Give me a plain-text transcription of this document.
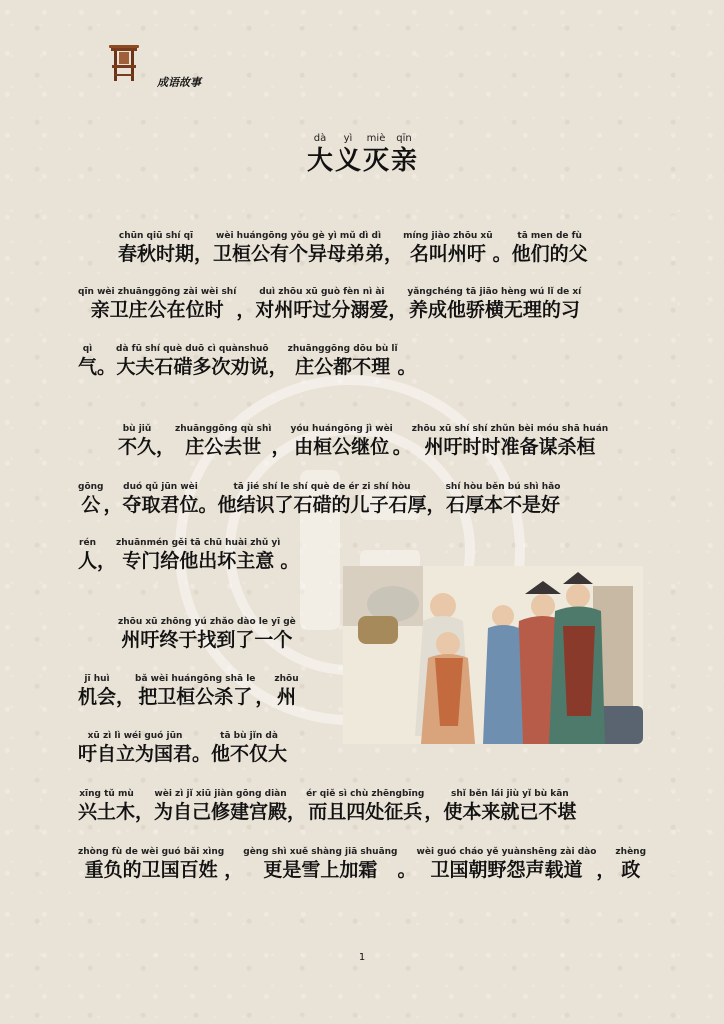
成语故事
dà
大
yì
义
miè
灭
qīn
亲
chūn qiū shí qī
春秋时期 ，
wèi huángōng yǒu gè yì mǔ dì dì
卫桓公有个异母弟弟 ，
míng jiào zhōu xū
名叫州吁 。
tā men de fù
他们的父
qīn wèi zhuānggōng zài wèi shí
亲卫庄公在位时 ，
duì zhōu xū guò fèn nì ài
对州吁过分溺爱 ，
yǎngchéng tā jiāo hèng wú lǐ de xí
养成他骄横无理的习
qì
气 。
dà fū shí què duō cì quànshuō
大夫石碏多次劝说 ，
zhuānggōng dōu bù lǐ
庄公都不理 。
bù jiǔ
不久 ，
zhuānggōng qù shì
庄公去世 ，
yóu huángōng jì wèi
由桓公继位 。
zhōu xū shí shí zhǔn bèi móu shā huán
州吁时时准备谋杀桓
gōng
公 ，
duó qǔ jūn wèi
夺取君位 。
tā jié shí le shí què de ér zi shí hòu
他结识了石碏的儿子石厚 ，
shí hòu běn bú shì hǎo
石厚本不是好
rén
人 ，
zhuānmén gěi tā chū huài zhǔ yì
专门给他出坏主意 。
zhōu xū zhōng yú zhǎo dào le yī gè
州吁终于找到了一个
jī huì
机会 ，
bǎ wèi huángōng shā le
把卫桓公杀了 ，
zhōu
州
xū zì lì wéi guó jūn
吁自立为国君 。
tā bù jǐn dà
他不仅大
xīng tǔ mù
兴土木 ，
wèi zì jǐ xiū jiàn gōng diàn
为自己修建宫殿 ，
ér qiě sì chù zhēngbīng
而且四处征兵 ，
shǐ běn lái jiù yǐ bù kān
使本来就已不堪
zhòng fù de wèi guó bǎi xìng
重负的卫国百姓 ，
gèng shì xuě shàng jiā shuāng
更是雪上加霜	。
wèi guó cháo yě yuànshēng zài dào
卫国朝野怨声载道 ，
zhèng
政
1
